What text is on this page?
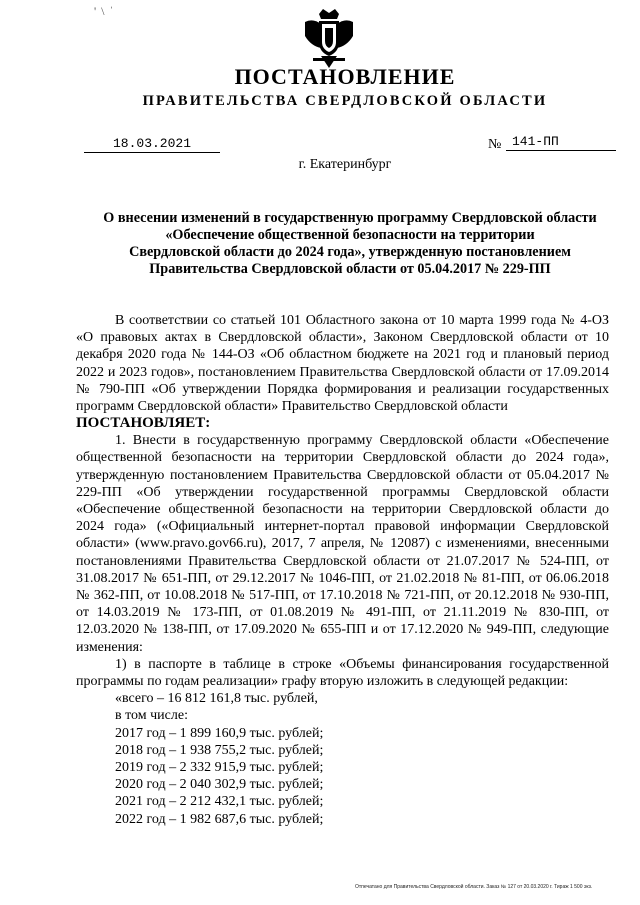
' \ ˈ
ПОСТАНОВЛЕНИЕ
ПРАВИТЕЛЬСТВА СВЕРДЛОВСКОЙ ОБЛАСТИ
18.03.2021	№ 141-ПП
г. Екатеринбург
О внесении изменений в государственную программу Свердловской области
«Обеспечение общественной безопасности на территории
Свердловской области до 2024 года», утвержденную постановлением
Правительства Свердловской области от 05.04.2017 № 229-ПП

В соответствии со статьей 101 Областного закона от 10 марта 1999 года № 4-ОЗ «О правовых актах в Свердловской области», Законом Свердловской области от 10 декабря 2020 года № 144-ОЗ «Об областном бюджете на 2021 год и плановый период 2022 и 2023 годов», постановлением Правительства Свердловской области от 17.09.2014 № 790-ПП «Об утверждении Порядка формирования и реализации государственных программ Свердловской области» Правительство Свердловской области

ПОСТАНОВЛЯЕТ:

1. Внести в государственную программу Свердловской области «Обеспечение общественной безопасности на территории Свердловской области до 2024 года», утвержденную постановлением Правительства Свердловской области от 05.04.2017 № 229-ПП «Об утверждении государственной программы Свердловской области «Обеспечение общественной безопасности на территории Свердловской области до 2024 года» («Официальный интернет-портал правовой информации Свердловской области» (www.pravo.gov66.ru), 2017, 7 апреля, № 12087) с изменениями, внесенными постановлениями Правительства Свердловской области от 21.07.2017 № 524-ПП, от 31.08.2017 № 651-ПП, от 29.12.2017 № 1046-ПП, от 21.02.2018 № 81-ПП, от 06.06.2018 № 362-ПП, от 10.08.2018 № 517-ПП, от 17.10.2018 № 721-ПП, от 20.12.2018 № 930-ПП, от 14.03.2019 № 173-ПП, от 01.08.2019 № 491-ПП, от 21.11.2019 № 830-ПП, от 12.03.2020 № 138-ПП, от 17.09.2020 № 655-ПП и от 17.12.2020 № 949-ПП, следующие изменения:

1) в паспорте в таблице в строке «Объемы финансирования государственной программы по годам реализации» графу вторую изложить в следующей редакции:

«всего – 16 812 161,8 тыс. рублей,

в том числе:

2017 год – 1 899 160,9 тыс. рублей;

2018 год – 1 938 755,2 тыс. рублей;

2019 год – 2 332 915,9 тыс. рублей;

2020 год – 2 040 302,9 тыс. рублей;

2021 год – 2 212 432,1 тыс. рублей;

2022 год – 1 982 687,6 тыс. рублей;

Отпечатано для Правительства Свердловской области. Заказ № 127 от 20.03.2020 г. Тираж 1 500 экз.
